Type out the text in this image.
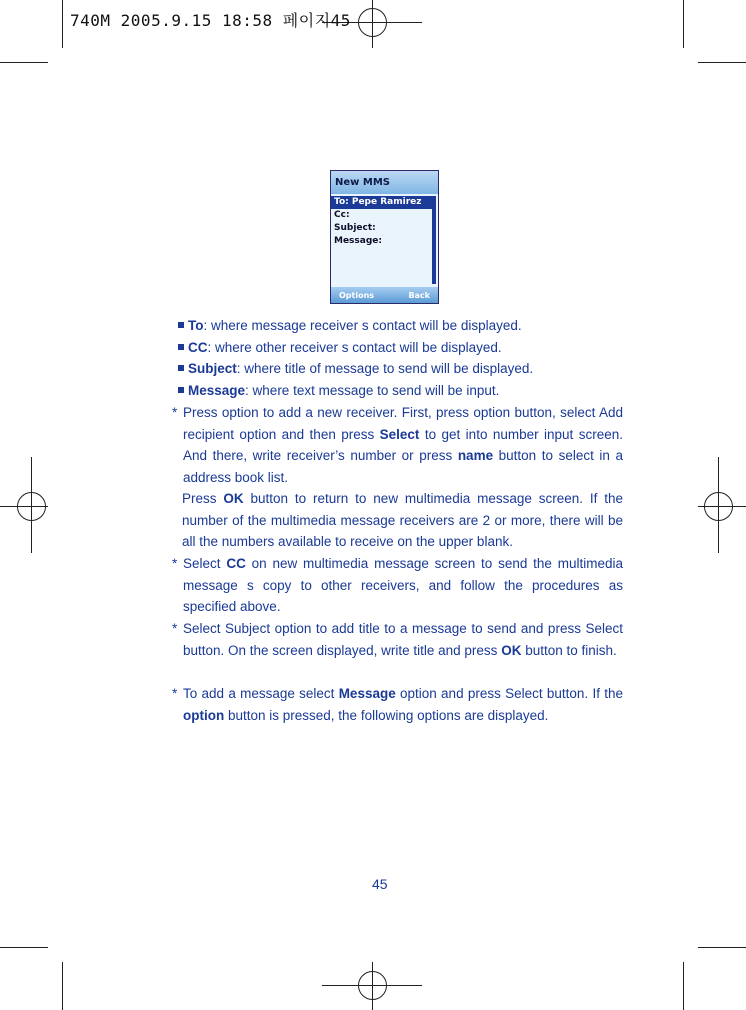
740M 2005.9.15 18:58 페이지45
New MMS
To: Pepe Ramirez
Cc:
Subject:
Message:
Options	Back
To: where message receiver s contact will be displayed.
CC: where other receiver s contact will be displayed.
Subject: where title of message to send will be displayed.
Message: where text message to send will be input.
* Press option to add a new receiver. First, press option button, select Add recipient option and then press Select to get into number input screen. And there, write receiver’s number or press name button to select in a address book list.

Press OK button to return to new multimedia message screen. If the number of the multimedia message receivers are 2 or more, there will be all the numbers available to receive on the upper blank.

* Select CC on new multimedia message screen to send the multimedia message s copy to other receivers, and follow the procedures as specified above.

* Select Subject option to add title to a message to send and press Select button. On the screen displayed, write title and press OK button to finish.

* To add a message select Message option and press Select button. If the option button is pressed, the following options are displayed.

45
